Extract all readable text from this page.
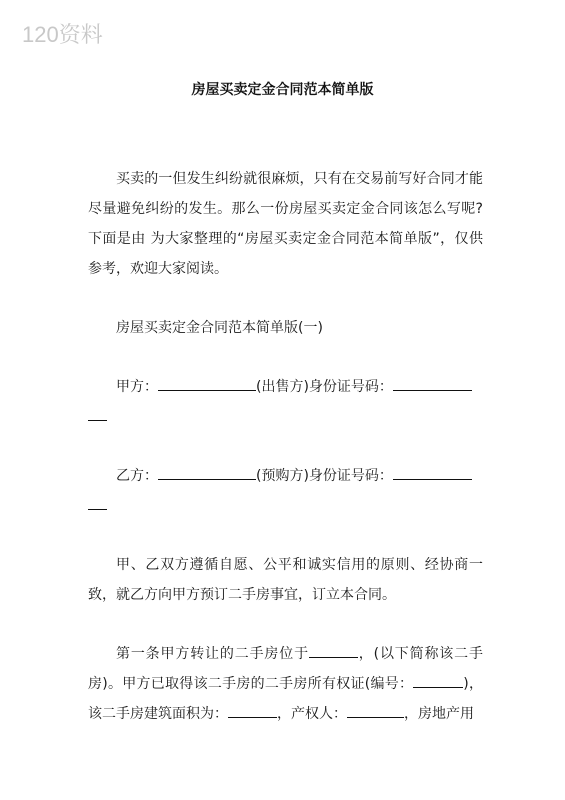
120资料
房屋买卖定金合同范本简单版

买卖的一但发生纠纷就很麻烦，只有在交易前写好合同才能尽量避免纠纷的发生。那么一份房屋买卖定金合同该怎么写呢?下面是由 为大家整理的“房屋买卖定金合同范本简单版”，仅供参考，欢迎大家阅读。

房屋买卖定金合同范本简单版(一)

甲方：	(出售方)身份证号码：

乙方：	(预购方)身份证号码：

甲、乙双方遵循自愿、公平和诚实信用的原则、经协商一致，就乙方向甲方预订二手房事宜，订立本合同。

第一条甲方转让的二手房位于	，(以下简称该二手房)。甲方已取得该二手房的二手房所有权证(编号：	)，该二手房建筑面积为：	，产权人：	，房地产用
